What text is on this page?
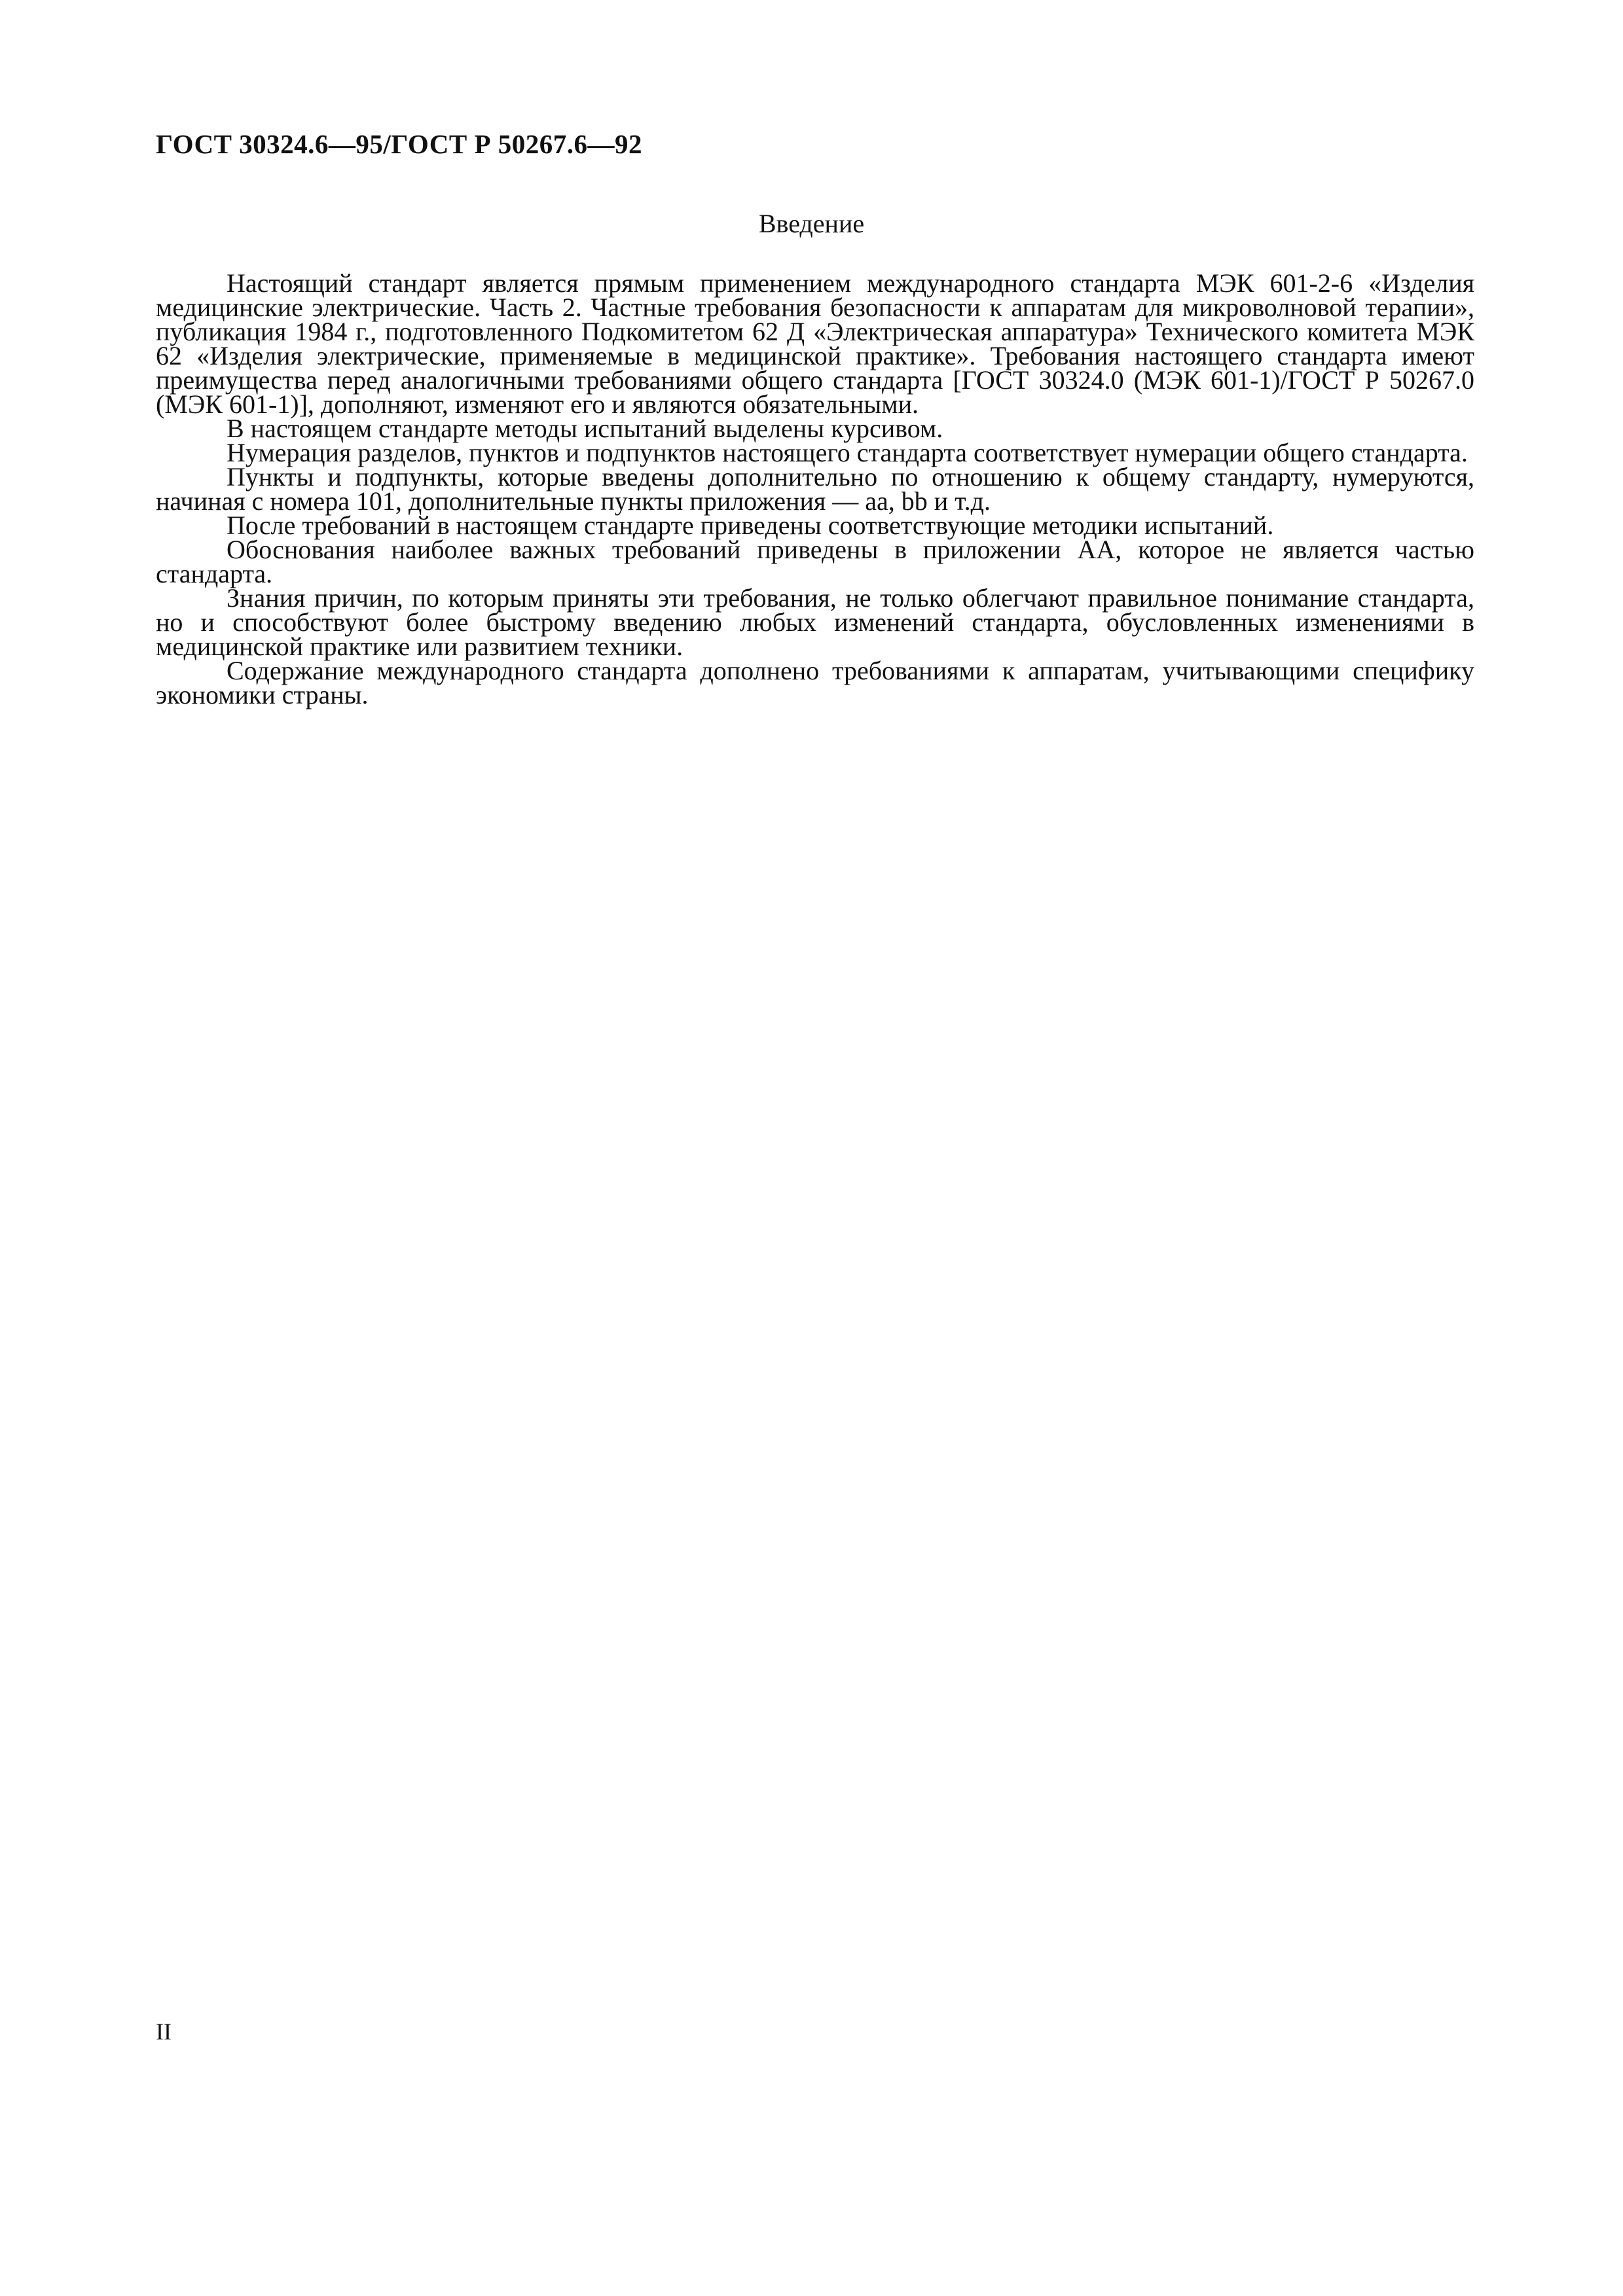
ГОСТ 30324.6—95/ГОСТ Р 50267.6—92
Введение

Настоящий стандарт является прямым применением международного стандарта МЭК 601-2-6 «Изделия медицинские электрические. Часть 2. Частные требования безопасности к аппаратам для микроволновой терапии», публикация 1984 г., подготовленного Подкомитетом 62 Д «Электрическая аппаратура» Технического комитета МЭК 62 «Изделия электрические, применяемые в медицинской практике». Требования настоящего стандарта имеют преимущества перед аналогичными требованиями общего стандарта [ГОСТ 30324.0 (МЭК 601-1)/ГОСТ Р 50267.0 (МЭК 601-1)], дополняют, изменяют его и являются обязательными.

В настоящем стандарте методы испытаний выделены курсивом.

Нумерация разделов, пунктов и подпунктов настоящего стандарта соответствует нумерации общего стандарта.

Пункты и подпункты, которые введены дополнительно по отношению к общему стандарту, нумеруются, начиная с номера 101, дополнительные пункты приложения — аа, bb и т.д.

После требований в настоящем стандарте приведены соответствующие методики испытаний.

Обоснования наиболее важных требований приведены в приложении АА, которое не является частью стандарта.

Знания причин, по которым приняты эти требования, не только облегчают правильное понимание стандарта, но и способствуют более быстрому введению любых изменений стандарта, обусловленных изменениями в медицинской практике или развитием техники.

Содержание международного стандарта дополнено требованиями к аппаратам, учитывающими специфику экономики страны.

II
